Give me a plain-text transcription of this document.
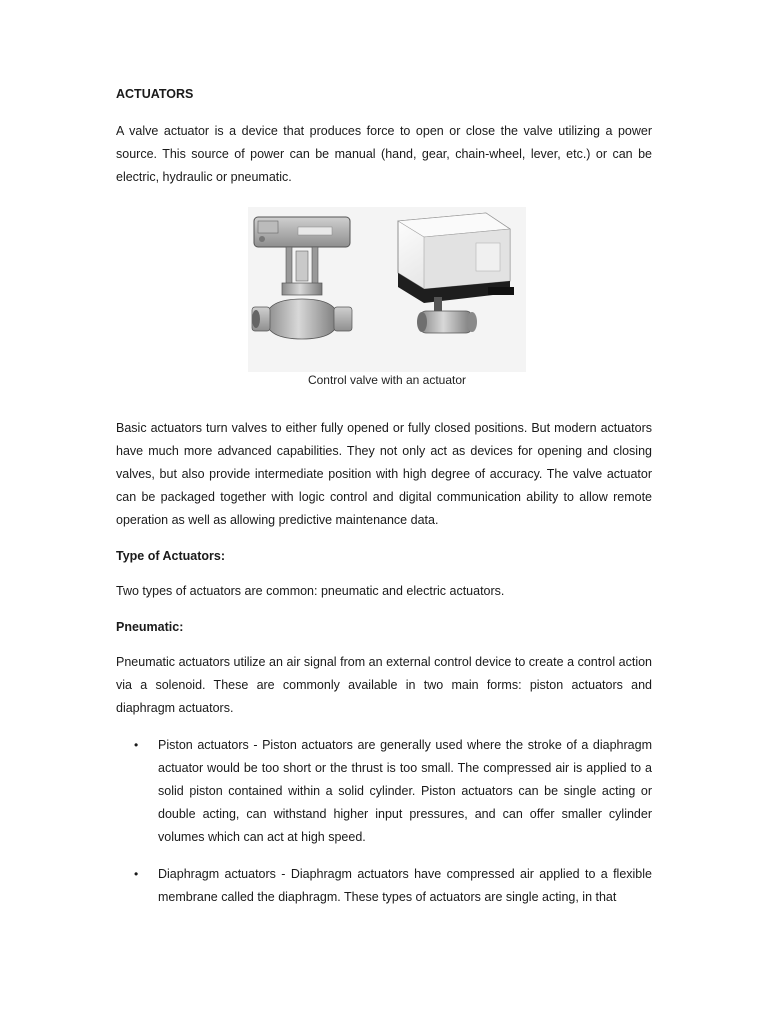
ACTUATORS

A valve actuator is a device that produces force to open or close the valve utilizing a power source. This source of power can be manual (hand, gear, chain-wheel, lever, etc.) or can be electric, hydraulic or pneumatic.

Control valve with an actuator

Basic actuators turn valves to either fully opened or fully closed positions. But modern actuators have much more advanced capabilities. They not only act as devices for opening and closing valves, but also provide intermediate position with high degree of accuracy. The valve actuator can be packaged together with logic control and digital communication ability to allow remote operation as well as allowing predictive maintenance data.

Type of Actuators:

Two types of actuators are common: pneumatic and electric actuators.

Pneumatic:

Pneumatic actuators utilize an air signal from an external control device to create a control action via a solenoid. These are commonly available in two main forms: piston actuators and diaphragm actuators.

• Piston actuators - Piston actuators are generally used where the stroke of a diaphragm actuator would be too short or the thrust is too small. The compressed air is applied to a solid piston contained within a solid cylinder. Piston actuators can be single acting or double acting, can withstand higher input pressures, and can offer smaller cylinder volumes which can act at high speed.
• Diaphragm actuators - Diaphragm actuators have compressed air applied to a flexible membrane called the diaphragm. These types of actuators are single acting, in that
